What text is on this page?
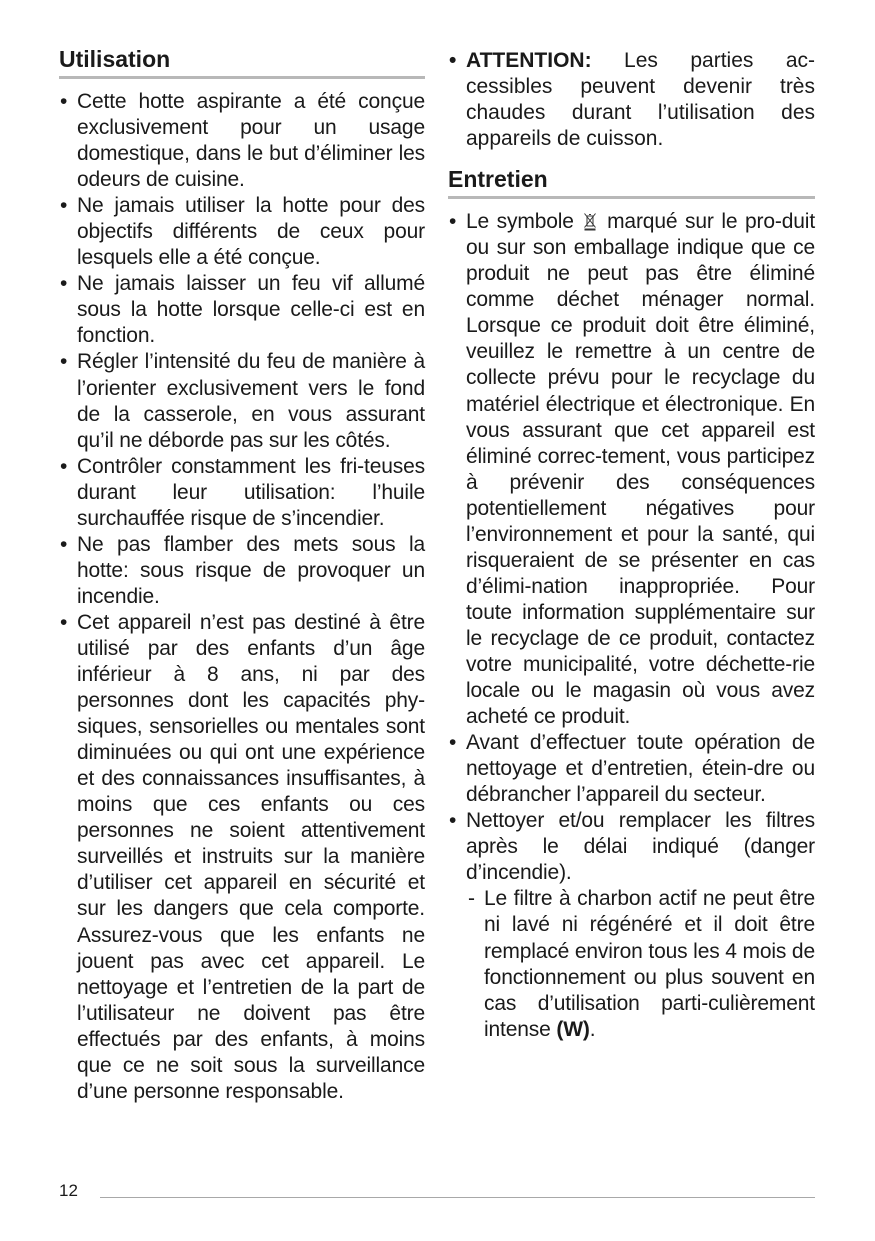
Utilisation
• Cette hotte aspirante a été conçue exclusivement pour un usage domestique, dans le but d’éliminer les odeurs de cuisine.
• Ne jamais utiliser la hotte pour des objectifs différents de ceux pour lesquels elle a été conçue.
• Ne jamais laisser un feu vif allumé sous la hotte lorsque celle-ci est en fonction.
• Régler l’intensité du feu de manière à l’orienter exclusivement vers le fond de la casserole, en vous assurant qu’il ne déborde pas sur les côtés.
• Contrôler constamment les fri-teuses durant leur utilisation: l’huile surchauffée risque de s’incendier.
• Ne pas flamber des mets sous la hotte: sous risque de provoquer un incendie.
• Cet appareil n’est pas destiné à être utilisé par des enfants d’un âge inférieur à 8 ans, ni par des personnes dont les capacités phy-siques, sensorielles ou mentales sont diminuées ou qui ont une expérience et des connaissances insuffisantes, à moins que ces enfants ou ces personnes ne soient attentivement surveillés et instruits sur la manière d’utiliser cet appareil en sécurité et sur les dangers que cela comporte. Assurez-vous que les enfants ne jouent pas avec cet appareil. Le nettoyage et l’entretien de la part de l’utilisateur ne doivent pas être effectués par des enfants, à moins que ce ne soit sous la surveillance d’une personne responsable.
• ATTENTION: Les parties ac-cessibles peuvent devenir très chaudes durant l’utilisation des appareils de cuisson.
Entretien
• Le symbole  marqué sur le pro-duit ou sur son emballage indique que ce produit ne peut pas être éliminé comme déchet ménager normal. Lorsque ce produit doit être éliminé, veuillez le remettre à un centre de collecte prévu pour le recyclage du matériel électrique et électronique. En vous assurant que cet appareil est éliminé correc-tement, vous participez à prévenir des conséquences potentiellement négatives pour l’environnement et pour la santé, qui risqueraient de se présenter en cas d’élimi-nation inappropriée. Pour toute information supplémentaire sur le recyclage de ce produit, contactez votre municipalité, votre déchette-rie locale ou le magasin où vous avez acheté ce produit.
• Avant d’effectuer toute opération de nettoyage et d’entretien, étein-dre ou débrancher l’appareil du secteur.
• Nettoyer et/ou remplacer les filtres après le délai indiqué (danger d’incendie).
- Le filtre à charbon actif ne peut être ni lavé ni régénéré et il doit être remplacé environ tous les 4 mois de fonctionnement ou plus souvent en cas d’utilisation parti-culièrement intense (W).
12
